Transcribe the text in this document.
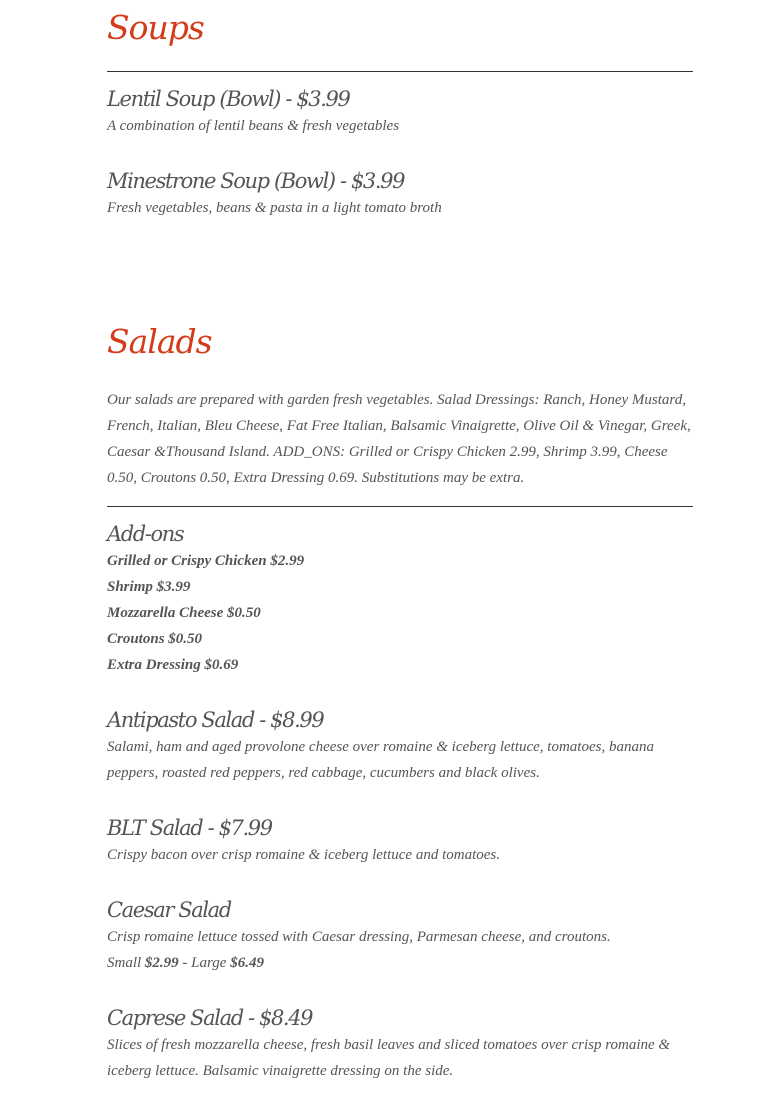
Soups
Lentil Soup (Bowl) - $3.99

A combination of lentil beans & fresh vegetables

Minestrone Soup (Bowl) - $3.99

Fresh vegetables, beans & pasta in a light tomato broth

Salads

Our salads are prepared with garden fresh vegetables. Salad Dressings: Ranch, Honey Mustard, French, Italian, Bleu Cheese, Fat Free Italian, Balsamic Vinaigrette, Olive Oil & Vinegar, Greek, Caesar &Thousand Island. ADD_ONS: Grilled or Crispy Chicken 2.99, Shrimp 3.99, Cheese 0.50, Croutons 0.50, Extra Dressing 0.69. Substitutions may be extra.

Add-ons
Grilled or Crispy Chicken $2.99
Shrimp $3.99
Mozzarella Cheese $0.50
Croutons $0.50
Extra Dressing $0.69
Antipasto Salad - $8.99

Salami, ham and aged provolone cheese over romaine & iceberg lettuce, tomatoes, banana peppers, roasted red peppers, red cabbage, cucumbers and black olives.

BLT Salad - $7.99

Crispy bacon over crisp romaine & iceberg lettuce and tomatoes.

Caesar Salad

Crisp romaine lettuce tossed with Caesar dressing, Parmesan cheese, and croutons.

Small $2.99 - Large $6.49

Caprese Salad - $8.49

Slices of fresh mozzarella cheese, fresh basil leaves and sliced tomatoes over crisp romaine & iceberg lettuce. Balsamic vinaigrette dressing on the side.
